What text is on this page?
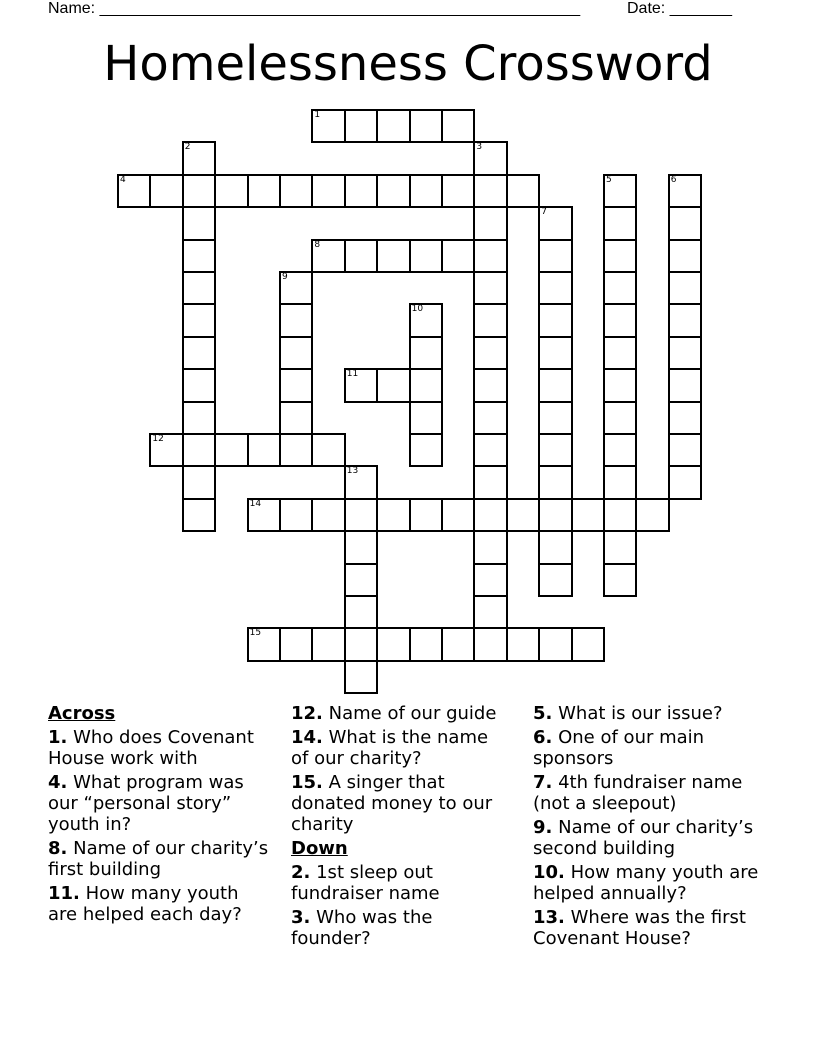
Name: ______________________________________________________	Date: _______
Homelessness Crossword
1
2	3
4	5	6
7
8
9
10
11
12
13
14
15
Across
1. Who does Covenant House work with
4. What program was our “personal story” youth in?
8. Name of our charity’s first building
11. How many youth are helped each day?
12. Name of our guide
14. What is the name of our charity?
15. A singer that donated money to our charity
Down
2. 1st sleep out fundraiser name
3. Who was the founder?
5. What is our issue?
6. One of our main sponsors
7. 4th fundraiser name (not a sleepout)
9. Name of our charity’s second building
10. How many youth are helped annually?
13. Where was the first Covenant House?
